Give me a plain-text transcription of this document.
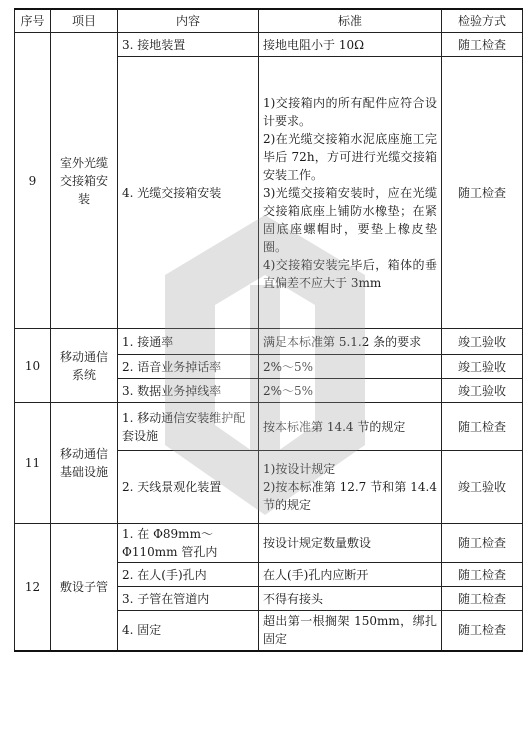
序号	项目	内容	标准	检验方式
9	室外光缆交接箱安装	3. 接地装置	接地电阻小于 10Ω	随工检查
		4. 光缆交接箱安装	1)交接箱内的所有配件应符合设计要求。
2)在光缆交接箱水泥底座施工完毕后 72h，方可进行光缆交接箱安装工作。
3)光缆交接箱安装时，应在光缆交接箱底座上铺防水橡垫；在紧固底座螺帽时，要垫上橡皮垫圈。
4)交接箱安装完毕后，箱体的垂直偏差不应大于 3mm	随工检查
10	移动通信系统	1. 接通率	满足本标准第 5.1.2 条的要求	竣工验收
		2. 语音业务掉话率	2%～5%	竣工验收
		3. 数据业务掉线率	2%～5%	竣工验收
11	移动通信基础设施	1. 移动通信安装维护配套设施	按本标准第 14.4 节的规定	随工检查
		2. 天线景观化装置	1)按设计规定
2)按本标准第 12.7 节和第 14.4 节的规定	竣工验收
12	敷设子管	1. 在 Φ89mm～Φ110mm 管孔内	按设计规定数量敷设	随工检查
		2. 在人(手)孔内	在人(手)孔内应断开	随工检查
		3. 子管在管道内	不得有接头	随工检查
		4. 固定	超出第一根搁架 150mm，绑扎固定	随工检查
